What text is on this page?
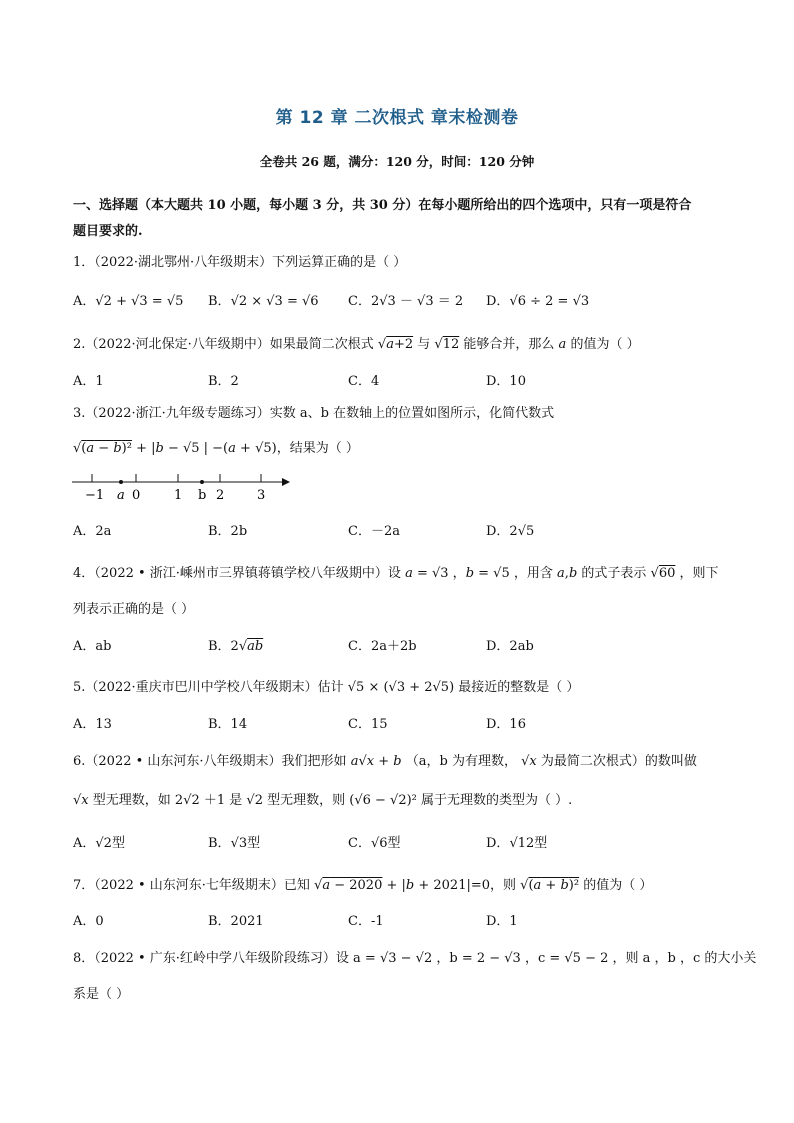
第 12 章 二次根式 章末检测卷
全卷共 26 题，满分：120 分，时间：120 分钟
一、选择题（本大题共 10 小题，每小题 3 分，共 30 分）在每小题所给出的四个选项中，只有一项是符合
题目要求的.
1．（2022·湖北鄂州·八年级期末）下列运算正确的是（ ）
A．√2 + √3 = √5 B．√2 × √3 = √6 C．2√3 － √3 ＝ 2 D．√6 ÷ 2 = √3
2.（2022·河北保定·八年级期中）如果最简二次根式 √a+2 与 √12 能够合并，那么 a 的值为（ ）
A．1	B．2	C．4	D．10
3.（2022·浙江·九年级专题练习）实数 a、b 在数轴上的位置如图所示，化简代数式
√(a − b)² + |b − √5 | −(a + √5)，结果为（ ）
−1 a 0	1 b 2	3
A．2a	B．2b	C．－2a	D．2√5
4．（2022 • 浙江·嵊州市三界镇蒋镇学校八年级期中）设 a = √3 ，b = √5 ，用含 a,b 的式子表示 √60 ，则下
列表示正确的是（ ）
A．ab	B．2√ab	C．2a＋2b	D．2ab
5.（2022·重庆市巴川中学校八年级期末）估计 √5 × (√3 + 2√5) 最接近的整数是（ ）
A．13	B．14	C．15	D．16
6.（2022 • 山东河东·八年级期末）我们把形如 a√x + b （a，b 为有理数， √x 为最简二次根式）的数叫做
√x 型无理数，如 2√2 ＋1 是 √2 型无理数，则 (√6 − √2)² 属于无理数的类型为（ ）.
A．√2型	B．√3型	C．√6型	D．√12型
7．（2022 • 山东河东·七年级期末）已知 √a − 2020 + |b + 2021|=0，则 √(a + b)² 的值为（ ）
A．0	B．2021	C．-1	D．1
8．（2022 • 广东·红岭中学八年级阶段练习）设 a = √3 − √2 ，b = 2 − √3 ，c = √5 − 2 ，则 a ，b ，c 的大小关
系是（ ）
